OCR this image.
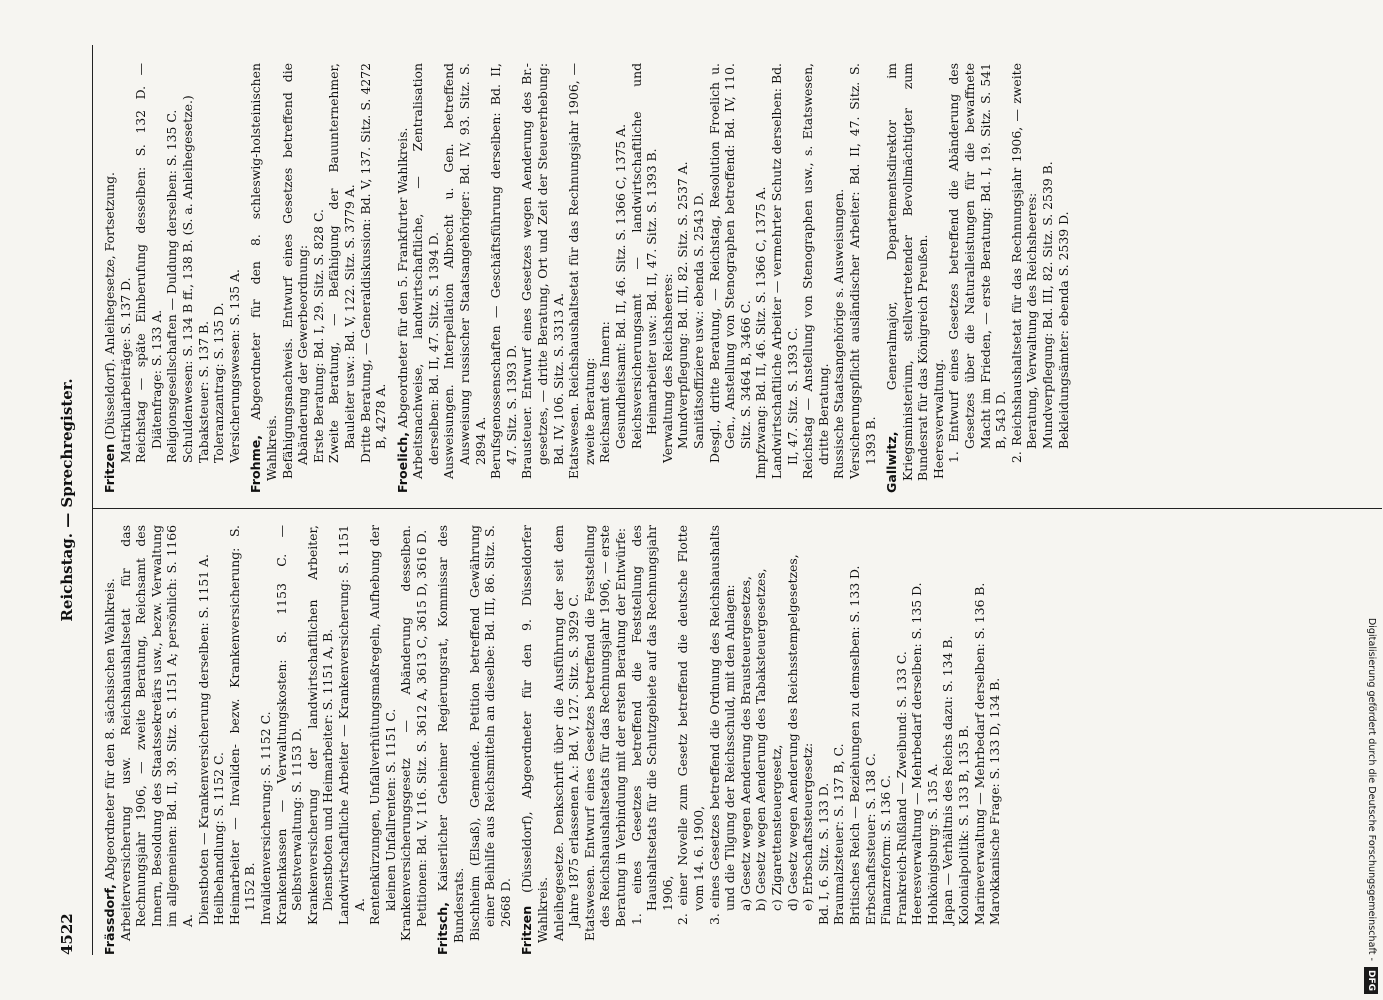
4522
Reichstag. — Sprechregister.
Frässdorf, Abgeordneter für den 8. sächsischen Wahlkreis. Arbeiterversicherung usw. Reichshaushaltsetat für das Rechnungsjahr 1906, — zweite Beratung, Reichsamt des Innern, Besoldung des Staatssekretärs usw., bezw. Verwaltung im allgemeinen: Bd. II, 39. Sitz. S. 1151 A; persönlich: S. 1166 A. Dienstboten — Krankenversicherung derselben: S. 1151 A. Heilbehandlung: S. 1152 C. Heimarbeiter — Invaliden- bezw. Krankenversicherung: S. 1152 B. Invalidenversicherung: S. 1152 C. Krankenkassen — Verwaltungskosten: S. 1153 C. — Selbstverwaltung: S. 1153 D. Krankenversicherung der landwirtschaftlichen Arbeiter, Dienstboten und Heimarbeiter: S. 1151 A, B. Landwirtschaftliche Arbeiter — Krankenversicherung: S. 1151 A. Rentenkürzungen, Unfallverhütungsmaßregeln, Aufhebung der kleinen Unfallrenten: S. 1151 C. Krankenversicherungsgesetz — Abänderung desselben. Petitionen: Bd. V, 116. Sitz. S. 3612 A, 3613 C, 3615 D, 3616 D.
Fritsch, Kaiserlicher Geheimer Regierungsrat, Kommissar des Bundesrats. Bischheim (Elsaß), Gemeinde. Petition betreffend Gewährung einer Beihilfe aus Reichsmitteln an dieselbe: Bd. III, 86. Sitz. S. 2668 D.
Fritzen (Düsseldorf), Abgeordneter für den 9. Düsseldorfer Wahlkreis. Anleihegesetze. Denkschrift über die Ausführung der seit dem Jahre 1875 erlassenen A.: Bd. V, 127. Sitz. S. 3929 C. Etatswesen. Entwurf eines Gesetzes betreffend die Feststellung des Reichshaushaltsetats für das Rechnungsjahr 1906, — erste Beratung in Verbindung mit der ersten Beratung der Entwürfe: 1. eines Gesetzes betreffend die Feststellung des Haushaltsetats für die Schutzgebiete auf das Rechnungsjahr 1906, 2. einer Novelle zum Gesetz betreffend die deutsche Flotte vom 14. 6. 1900, 3. eines Gesetzes betreffend die Ordnung des Reichshaushalts und die Tilgung der Reichsschuld, mit den Anlagen: a) Gesetz wegen Aenderung des Brausteuergesetzes, b) Gesetz wegen Aenderung des Tabaksteuergesetzes, c) Zigarettensteuergesetz, d) Gesetz wegen Aenderung des Reichsstempelgesetzes, e) Erbschaftssteuergesetz: Bd. I, 6. Sitz. S. 133 D. Braumalzsteuer: S. 137 B, C. Britisches Reich — Beziehungen zu demselben: S. 133 D. Erbschaftssteuer: S. 138 C. Finanzreform: S. 136 C. Frankreich-Rußland — Zweibund: S. 133 C. Heeresverwaltung — Mehrbedarf derselben: S. 135 D. Hohkönigsburg: S. 135 A. Japan — Verhältnis des Reichs dazu: S. 134 B. Kolonialpolitik: S. 133 B, 135 B. Marineverwaltung — Mehrbedarf derselben: S. 136 B. Marokkanische Frage: S. 133 D, 134 B.
Fritzen (Düsseldorf). Anleihegesetze, Fortsetzung. Matrikularbeiträge: S. 137 D. Reichstag — späte Einberufung desselben: S. 132 D. — Diätenfrage: S. 133 A. Religionsgesellschaften — Duldung derselben: S. 135 C. Schuldenwesen: S. 134 B ff., 138 B. (S. a. Anleihegesetze.) Tabaksteuer: S. 137 B. Toleranzantrag: S. 135 D. Versicherungswesen: S. 135 A.
Frohme, Abgeordneter für den 8. schleswig-holsteinischen Wahlkreis. Befähigungsnachweis. Entwurf eines Gesetzes betreffend die Abänderung der Gewerbeordnung: Erste Beratung: Bd. I, 29. Sitz. S. 828 C. Zweite Beratung, — Befähigung der Bauunternehmer, Bauleiter usw.: Bd. V, 122. Sitz. S. 3779 A. Dritte Beratung, — Generaldiskussion: Bd. V, 137. Sitz. S. 4272 B, 4278 A.
Froelich, Abgeordneter für den 5. Frankfurter Wahlkreis. Arbeitsnachweise, landwirtschaftliche, — Zentralisation derselben: Bd. II, 47. Sitz. S. 1394 D. Ausweisungen. Interpellation Albrecht u. Gen. betreffend Ausweisung russischer Staatsangehöriger: Bd. IV, 93. Sitz. S. 2894 A. Berufsgenossenschaften — Geschäftsführung derselben: Bd. II, 47. Sitz. S. 1393 D. Brausteuer. Entwurf eines Gesetzes wegen Aenderung des Br.-gesetzes, — dritte Beratung, Ort und Zeit der Steuererhebung: Bd. IV, 106. Sitz. S. 3313 A. Etatswesen. Reichshaushaltsetat für das Rechnungsjahr 1906, — zweite Beratung: Reichsamt des Innern: Gesundheitsamt: Bd. II, 46. Sitz. S. 1366 C, 1375 A. Reichsversicherungsamt — landwirtschaftliche und Heimarbeiter usw.: Bd. II, 47. Sitz. S. 1393 B. Verwaltung des Reichsheeres: Mundverpflegung: Bd. III, 82. Sitz. S. 2537 A. Sanitätsoffiziere usw.: ebenda S. 2543 D. Desgl., dritte Beratung, — Reichstag, Resolution Froelich u. Gen., Anstellung von Stenographen betreffend: Bd. IV, 110. Sitz. S. 3464 B, 3466 C. Impfzwang: Bd. II, 46. Sitz. S. 1366 C, 1375 A. Landwirtschaftliche Arbeiter — vermehrter Schutz derselben: Bd. II, 47. Sitz. S. 1393 C. Reichstag — Anstellung von Stenographen usw., s. Etatswesen, dritte Beratung. Russische Staatsangehörige s. Ausweisungen. Versicherungspflicht ausländischer Arbeiter: Bd. II, 47. Sitz. S. 1393 B. Gallwitz, Generalmajor, Departementsdirektor im Kriegsministerium, stellvertretender Bevollmächtigter zum Bundesrat für das Königreich Preußen. Heeresverwaltung. 1. Entwurf eines Gesetzes betreffend die Abänderung des Gesetzes über die Naturalleistungen für die bewaffnete Macht im Frieden, — erste Beratung: Bd. I, 19. Sitz. S. 541 B, 543 D. 2. Reichshaushaltsetat für das Rechnungsjahr 1906, — zweite Beratung, Verwaltung des Reichsheeres: Mundverpflegung: Bd. III, 82. Sitz. S. 2539 B. Bekleidungsämter: ebenda S. 2539 D.
Digitalisierung gefördert durch die Deutsche Forschungsgemeinschaft -DFG
